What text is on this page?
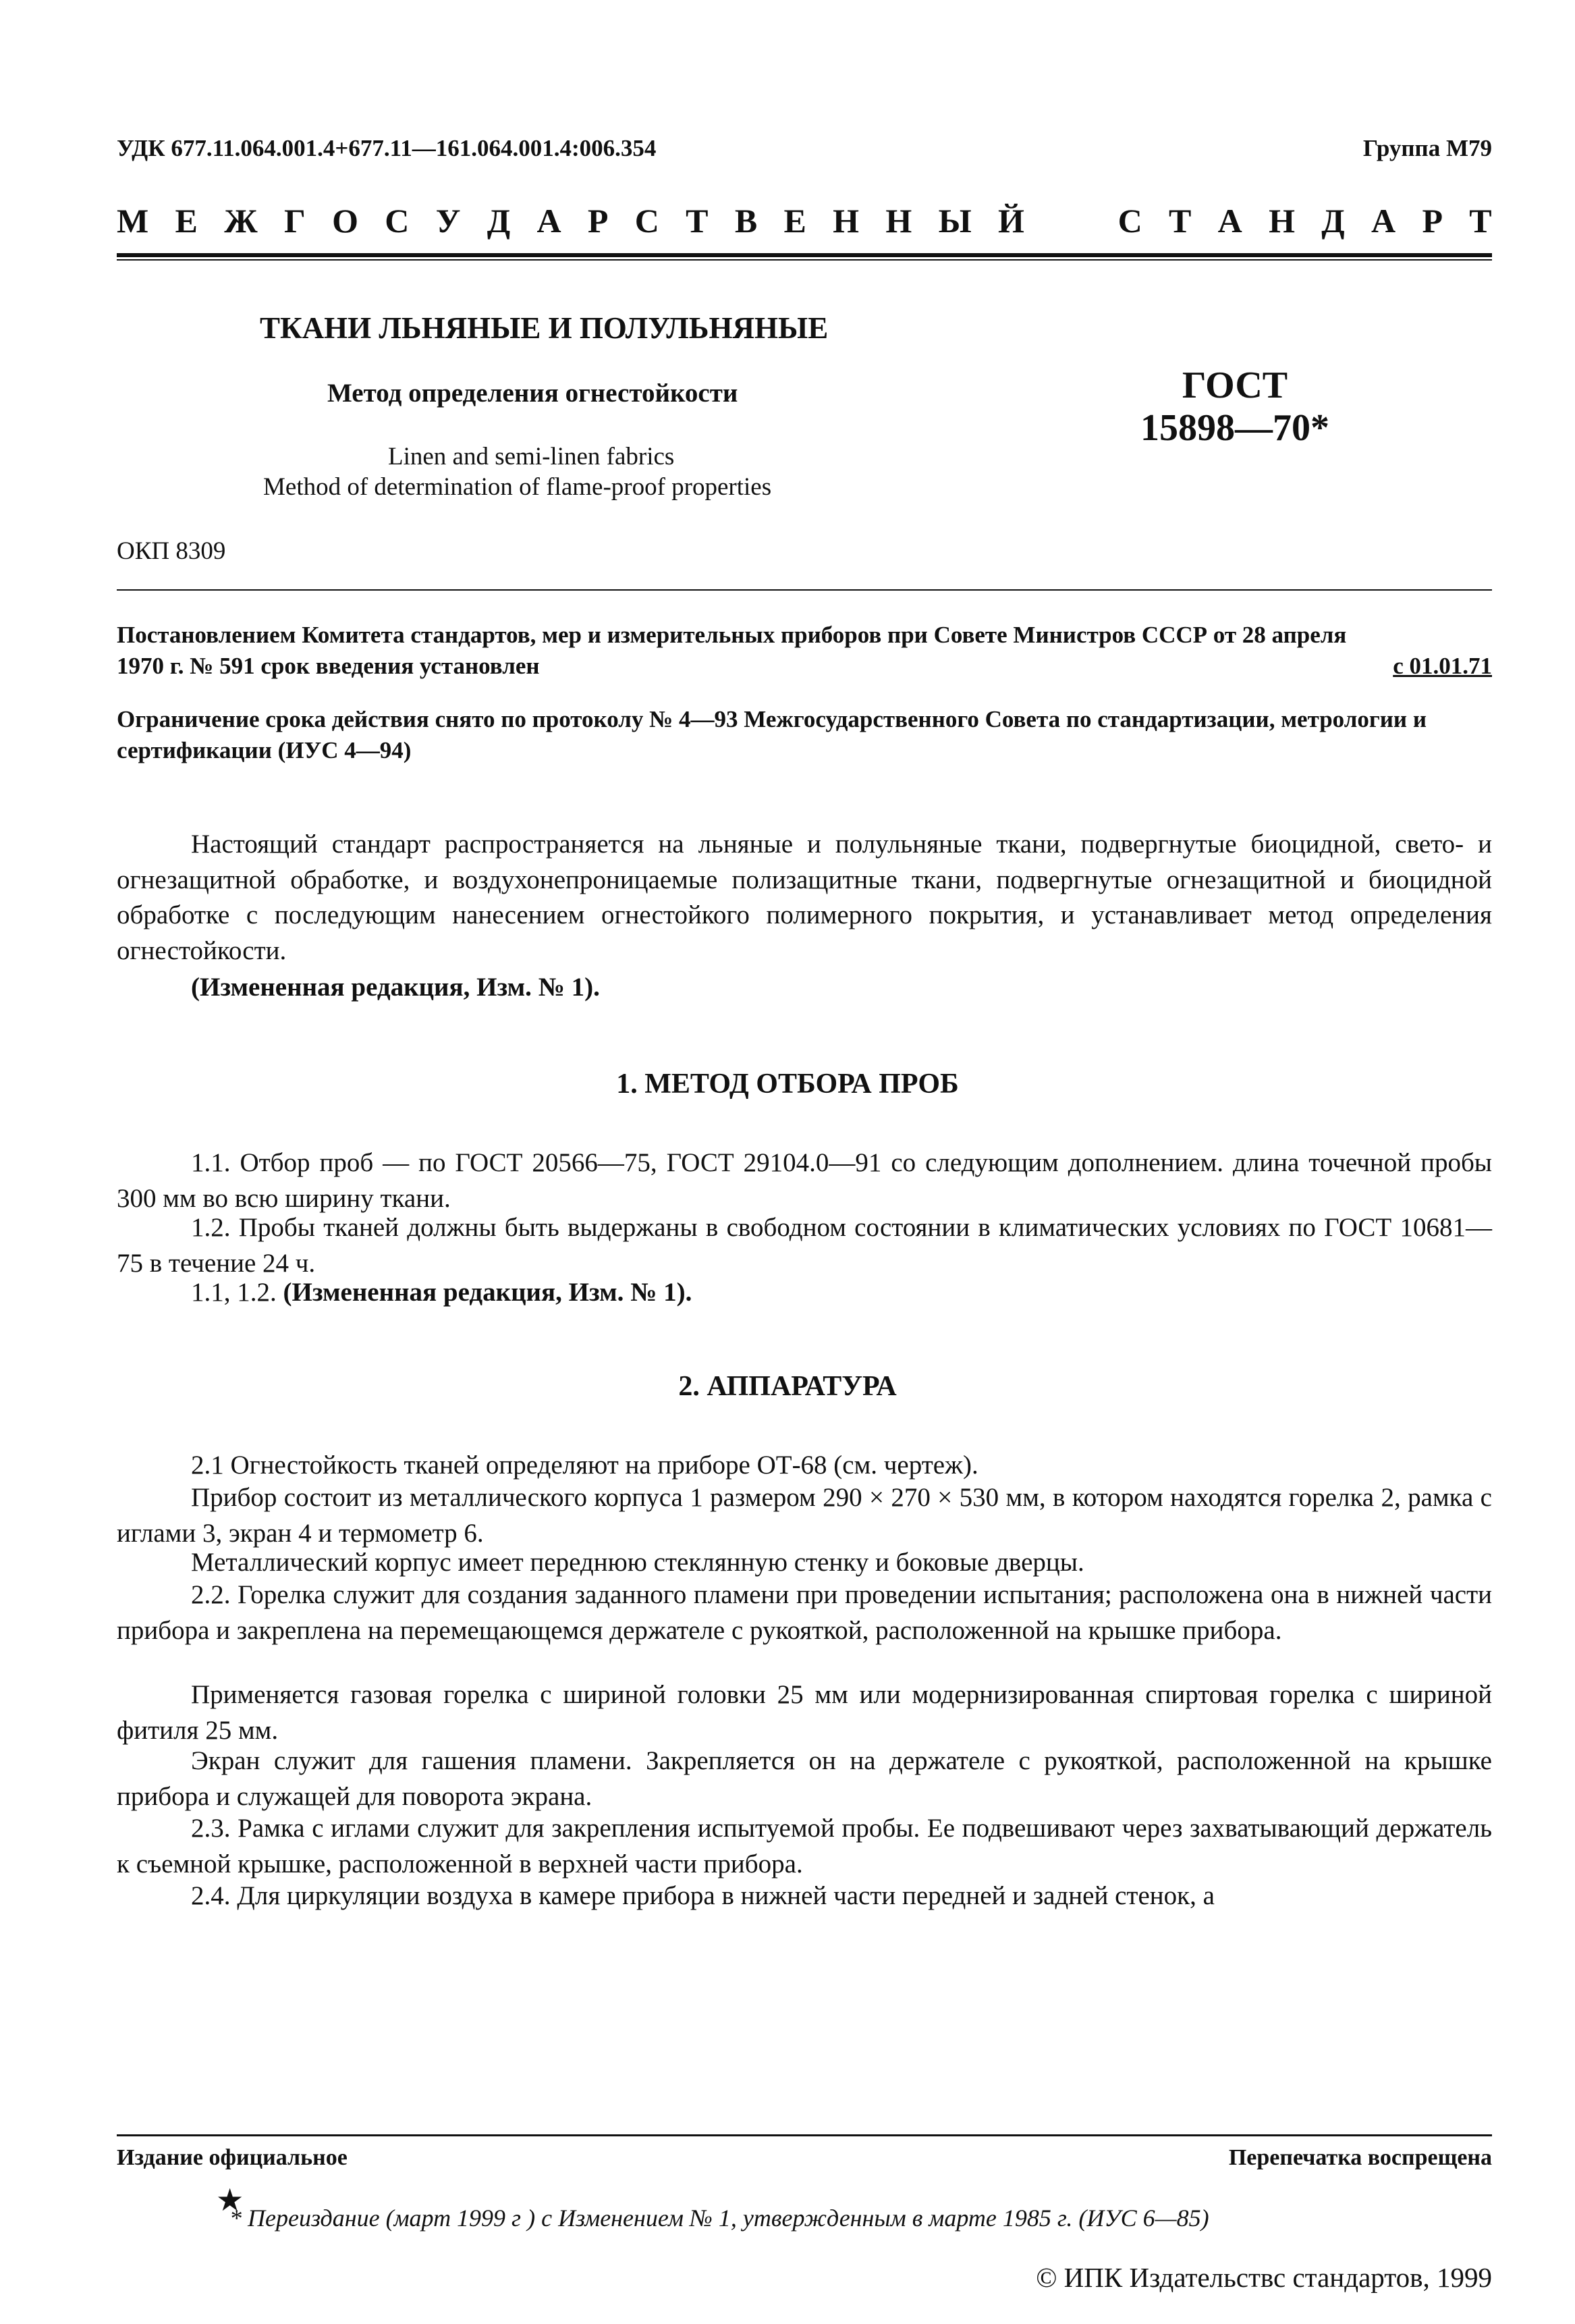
УДК 677.11.064.001.4+677.11—161.064.001.4:006.354	Группа М79
М Е Ж Г О С У Д А Р С Т В Е Н Н Ы Й	С Т А Н Д А Р Т
ТКАНИ ЛЬНЯНЫЕ И ПОЛУЛЬНЯНЫЕ
Метод определения огнестойкости
Linen and semi-linen fabrics
Method of determination of flame-proof properties
ГОСТ
15898—70*
ОКП 8309
Постановлением Комитета стандартов, мер и измерительных приборов при Совете Министров СССР от 28 апреля
1970 г. № 591 срок введения установлен	с 01.01.71
Ограничение срока действия снято по протоколу № 4—93 Межгосударственного Совета по стандартизации, метрологии и сертификации (ИУС 4—94)
Настоящий стандарт распространяется на льняные и полульняные ткани, подвергнутые биоцидной, свето- и огнезащитной обработке, и воздухонепроницаемые полизащитные ткани, подвергнутые огнезащитной и биоцидной обработке с последующим нанесением огнестойкого полимерного покрытия, и устанавливает метод определения огнестойкости.
(Измененная редакция, Изм. № 1).
1. МЕТОД ОТБОРА ПРОБ
1.1. Отбор проб — по ГОСТ 20566—75, ГОСТ 29104.0—91 со следующим дополнением. длина точечной пробы 300 мм во всю ширину ткани.
1.2. Пробы тканей должны быть выдержаны в свободном состоянии в климатических условиях по ГОСТ 10681—75 в течение 24 ч.
1.1, 1.2. (Измененная редакция, Изм. № 1).
2. АППАРАТУРА
2.1 Огнестойкость тканей определяют на приборе ОТ-68 (см. чертеж).
Прибор состоит из металлического корпуса 1 размером 290 × 270 × 530 мм, в котором находятся горелка 2, рамка с иглами 3, экран 4 и термометр 6.
Металлический корпус имеет переднюю стеклянную стенку и боковые дверцы.
2.2. Горелка служит для создания заданного пламени при проведении испытания; расположена она в нижней части прибора и закреплена на перемещающемся держателе с рукояткой, расположенной на крышке прибора.
Применяется газовая горелка с шириной головки 25 мм или модернизированная спиртовая горелка с шириной фитиля 25 мм.
Экран служит для гашения пламени. Закрепляется он на держателе с рукояткой, расположенной на крышке прибора и служащей для поворота экрана.
2.3. Рамка с иглами служит для закрепления испытуемой пробы. Ее подвешивают через захватывающий держатель к съемной крышке, расположенной в верхней части прибора.
2.4. Для циркуляции воздуха в камере прибора в нижней части передней и задней стенок, а
Издание официальное	Перепечатка воспрещена
★
* Переиздание (март 1999 г ) с Изменением № 1, утвержденным в марте 1985 г. (ИУС 6—85)
© ИПК Издательствс стандартов, 1999
